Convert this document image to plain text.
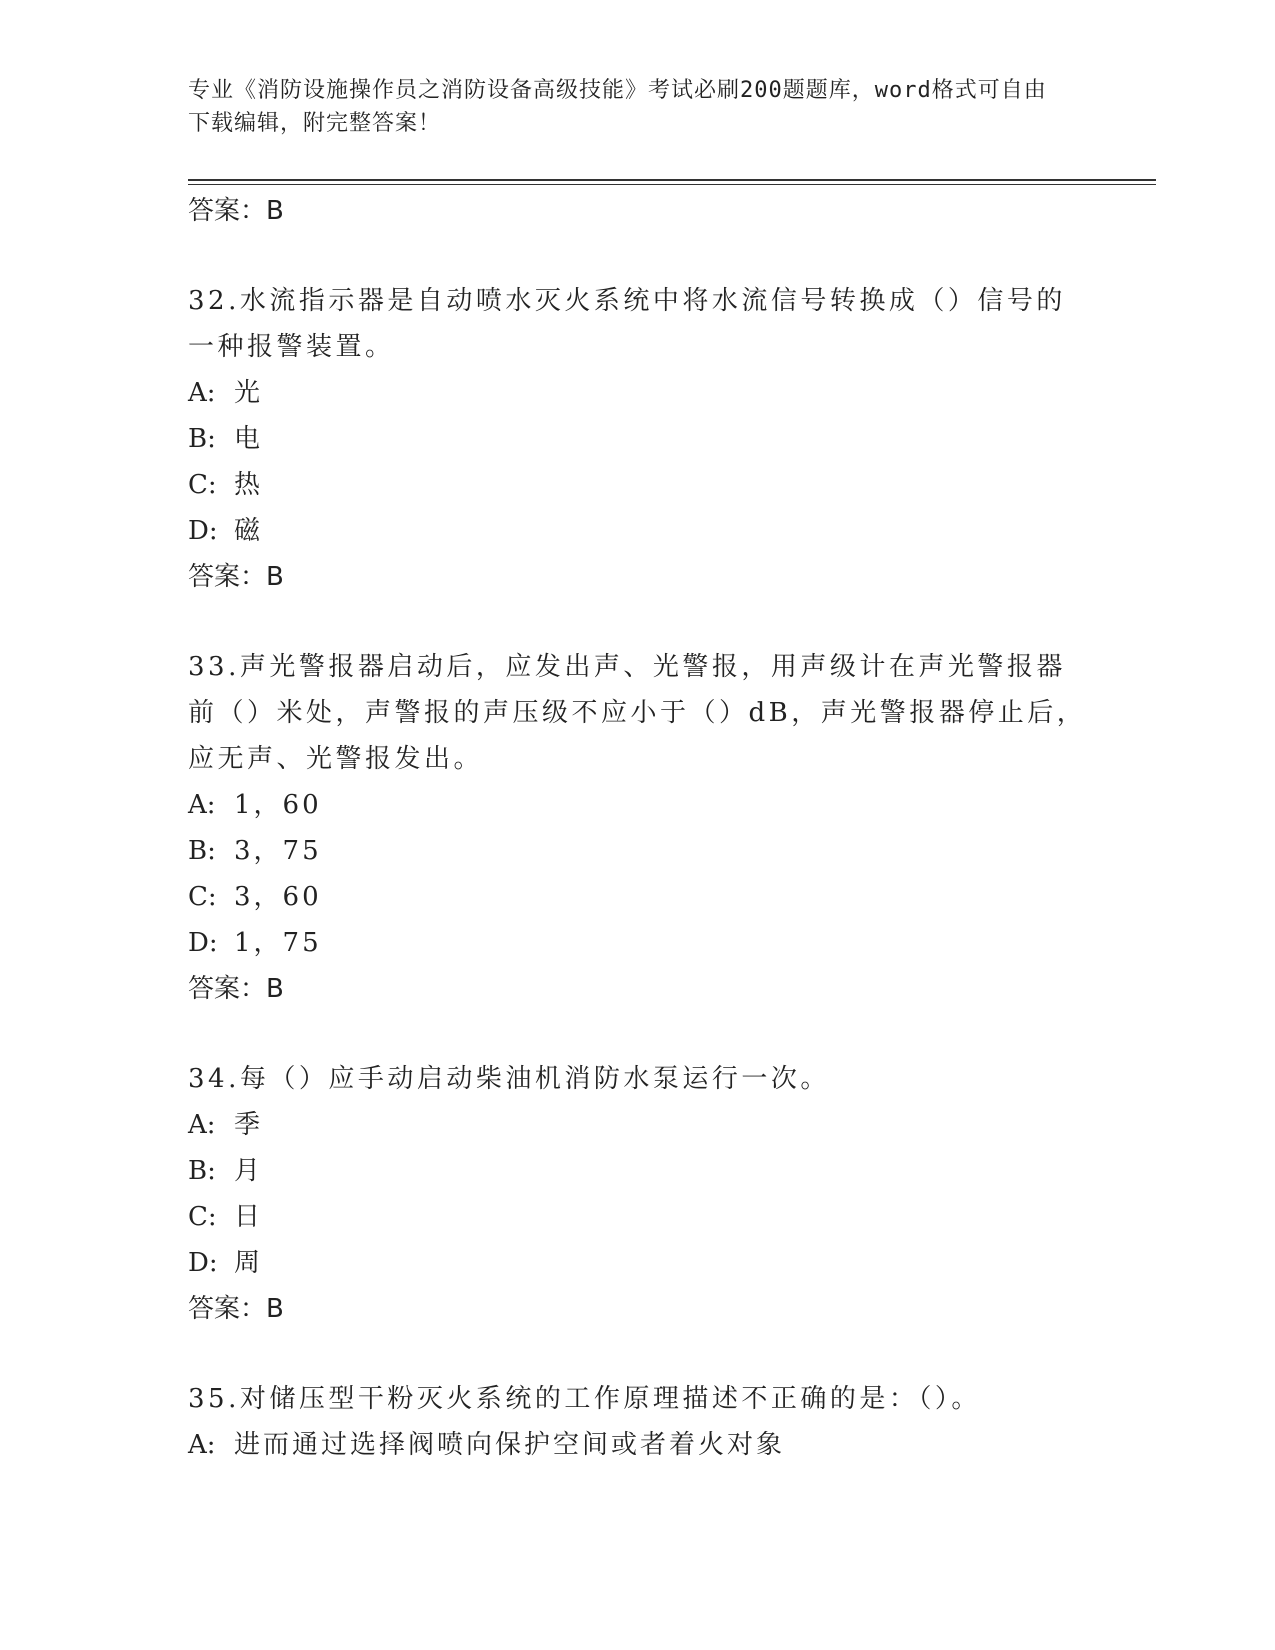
专业《消防设施操作员之消防设备高级技能》考试必刷200题题库，word格式可自由下载编辑，附完整答案！

答案：B

32.水流指示器是自动喷水灭火系统中将水流信号转换成（）信号的一种报警装置。

A: 光

B: 电

C: 热

D: 磁

答案：B

33.声光警报器启动后，应发出声、光警报，用声级计在声光警报器前（）米处，声警报的声压级不应小于（）dB，声光警报器停止后，应无声、光警报发出。

A: 1，60

B: 3，75

C: 3，60

D: 1，75

答案：B

34.每（）应手动启动柴油机消防水泵运行一次。

A: 季

B: 月

C: 日

D: 周

答案：B

35.对储压型干粉灭火系统的工作原理描述不正确的是：（）。

A: 进而通过选择阀喷向保护空间或者着火对象
